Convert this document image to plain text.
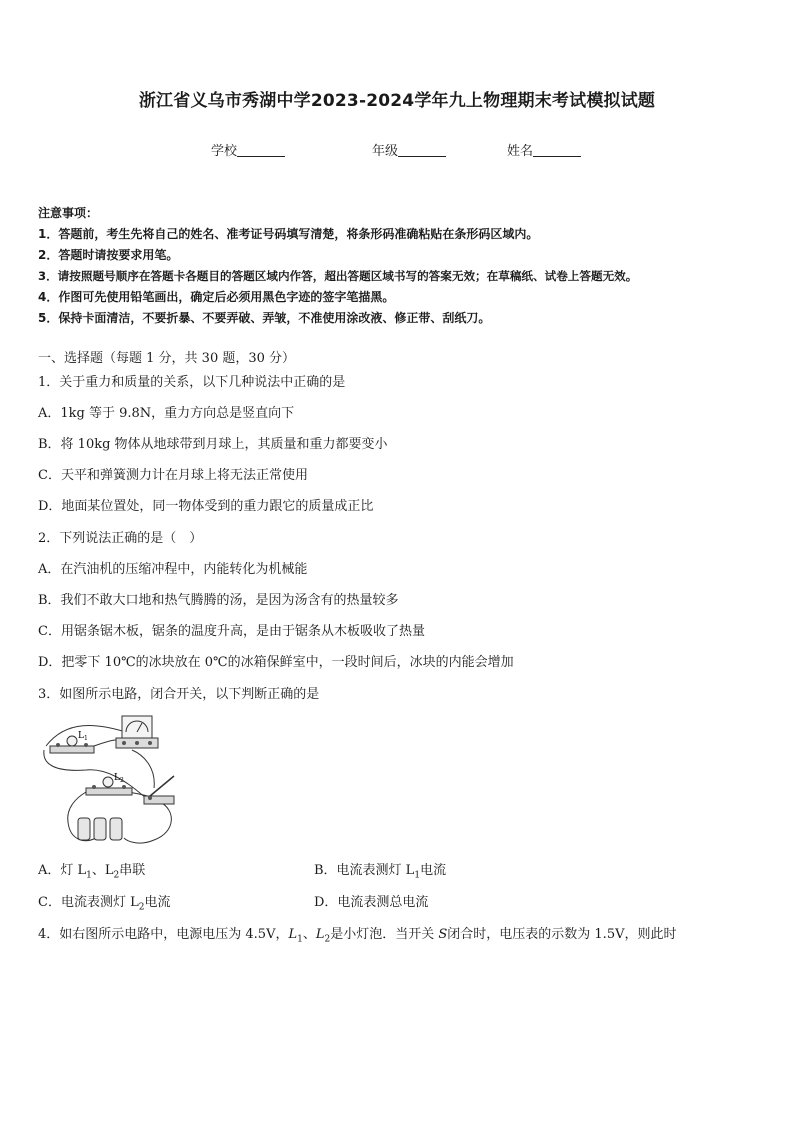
浙江省义乌市秀湖中学2023-2024学年九上物理期末考试模拟试题
学校	年级	姓名
注意事项：
1．答题前，考生先将自己的姓名、准考证号码填写清楚，将条形码准确粘贴在条形码区域内。
2．答题时请按要求用笔。
3．请按照题号顺序在答题卡各题目的答题区域内作答，超出答题区域书写的答案无效；在草稿纸、试卷上答题无效。
4．作图可先使用铅笔画出，确定后必须用黑色字迹的签字笔描黑。
5．保持卡面清洁，不要折暴、不要弄破、弄皱，不准使用涂改液、修正带、刮纸刀。
一、选择题（每题 1 分，共 30 题，30 分）
1．关于重力和质量的关系，以下几种说法中正确的是
A．1kg 等于 9.8N，重力方向总是竖直向下
B．将 10kg 物体从地球带到月球上，其质量和重力都要变小
C．天平和弹簧测力计在月球上将无法正常使用
D．地面某位置处，同一物体受到的重力跟它的质量成正比
2．下列说法正确的是（　）
A．在汽油机的压缩冲程中，内能转化为机械能
B．我们不敢大口地和热气腾腾的汤，是因为汤含有的热量较多
C．用锯条锯木板，锯条的温度升高，是由于锯条从木板吸收了热量
D．把零下 10℃的冰块放在 0℃的冰箱保鲜室中，一段时间后，冰块的内能会增加
3．如图所示电路，闭合开关，以下判断正确的是
$L_1$
$L_2$
A．灯 $L_1$、$L_2$串联	B．电流表测灯 $L_1$电流
C．电流表测灯 $L_2$电流	D．电流表测总电流
4．如右图所示电路中，电源电压为 4.5V，$L_1$、$L_2$是小灯泡．当开关 S闭合时，电压表的示数为 1.5V，则此时
